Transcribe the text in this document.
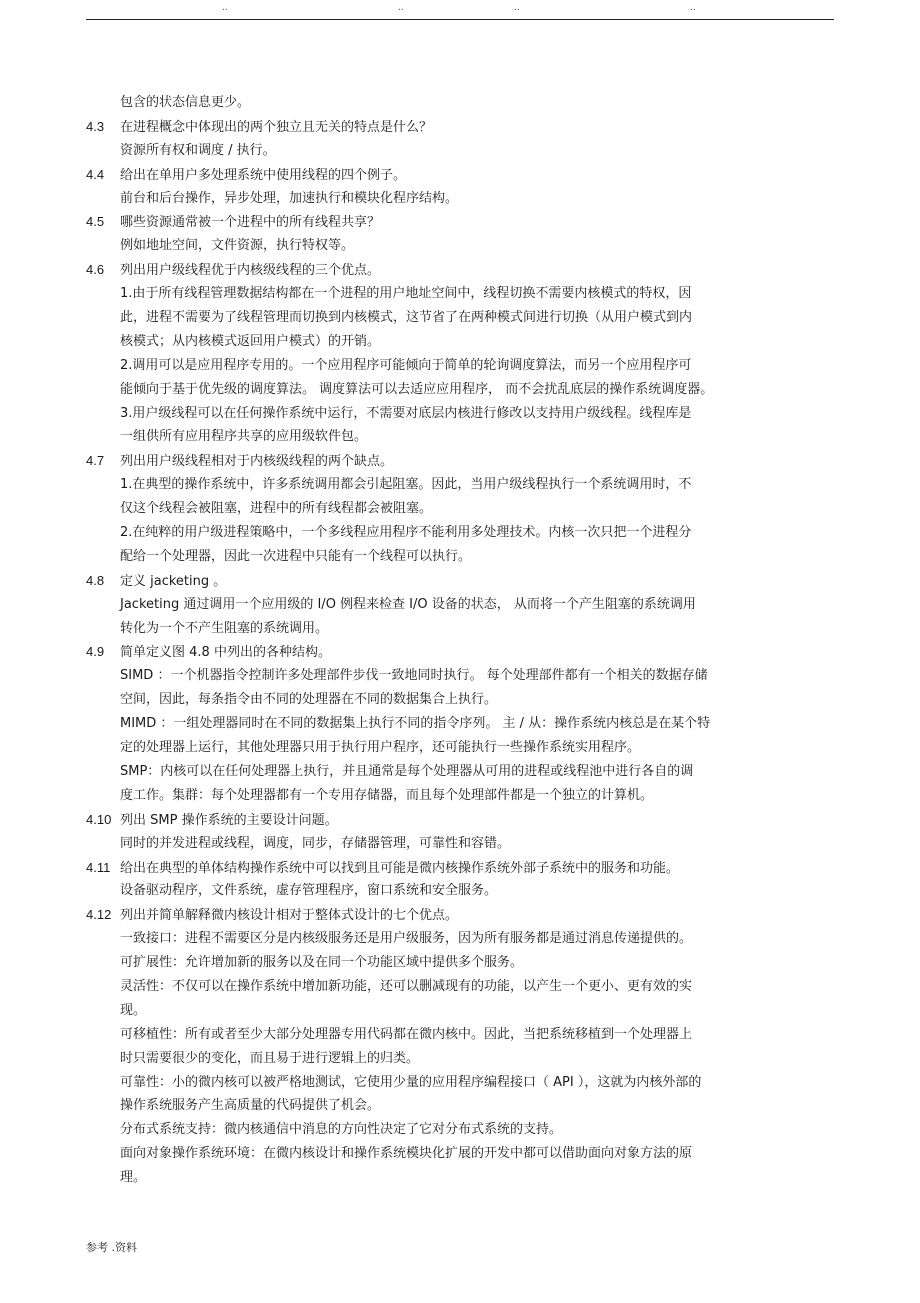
..	..	..	..
包含的状态信息更少。
4.3 在进程概念中体现出的两个独立且无关的特点是什么？
资源所有权和调度 / 执行。
4.4 给出在单用户多处理系统中使用线程的四个例子。
前台和后台操作，异步处理，加速执行和模块化程序结构。
4.5 哪些资源通常被一个进程中的所有线程共享？
例如地址空间，文件资源，执行特权等。
4.6 列出用户级线程优于内核级线程的三个优点。
1.由于所有线程管理数据结构都在一个进程的用户地址空间中，线程切换不需要内核模式的特权，因
此，进程不需要为了线程管理而切换到内核模式，这节省了在两种模式间进行切换（从用户模式到内
核模式；从内核模式返回用户模式）的开销。
2.调用可以是应用程序专用的。一个应用程序可能倾向于简单的轮询调度算法，而另一个应用程序可
能倾向于基于优先级的调度算法。 调度算法可以去适应应用程序， 而不会扰乱底层的操作系统调度器。
3.用户级线程可以在任何操作系统中运行，不需要对底层内核进行修改以支持用户级线程。线程库是
一组供所有应用程序共享的应用级软件包。
4.7 列出用户级线程相对于内核级线程的两个缺点。
1.在典型的操作系统中，许多系统调用都会引起阻塞。因此，当用户级线程执行一个系统调用时，不
仅这个线程会被阻塞，进程中的所有线程都会被阻塞。
2.在纯粹的用户级进程策略中，一个多线程应用程序不能利用多处理技术。内核一次只把一个进程分
配给一个处理器，因此一次进程中只能有一个线程可以执行。
4.8 定义 jacketing 。
Jacketing 通过调用一个应用级的 I/O 例程来检查 I/O 设备的状态， 从而将一个产生阻塞的系统调用
转化为一个不产生阻塞的系统调用。
4.9 简单定义图 4.8 中列出的各种结构。
SIMD ：一个机器指令控制许多处理部件步伐一致地同时执行。 每个处理部件都有一个相关的数据存储
空间，因此，每条指令由不同的处理器在不同的数据集合上执行。
MIMD ：一组处理器同时在不同的数据集上执行不同的指令序列。 主 / 从：操作系统内核总是在某个特
定的处理器上运行，其他处理器只用于执行用户程序，还可能执行一些操作系统实用程序。
SMP：内核可以在任何处理器上执行，并且通常是每个处理器从可用的进程或线程池中进行各自的调
度工作。集群：每个处理器都有一个专用存储器，而且每个处理部件都是一个独立的计算机。
4.10 列出 SMP 操作系统的主要设计问题。
同时的并发进程或线程，调度，同步，存储器管理，可靠性和容错。
4.11 给出在典型的单体结构操作系统中可以找到且可能是微内核操作系统外部子系统中的服务和功能。
设备驱动程序，文件系统，虚存管理程序，窗口系统和安全服务。
4.12 列出并简单解释微内核设计相对于整体式设计的七个优点。
一致接口：进程不需要区分是内核级服务还是用户级服务，因为所有服务都是通过消息传递提供的。
可扩展性：允许增加新的服务以及在同一个功能区域中提供多个服务。
灵活性：不仅可以在操作系统中增加新功能，还可以删减现有的功能，以产生一个更小、更有效的实
现。
可移植性：所有或者至少大部分处理器专用代码都在微内核中。因此，当把系统移植到一个处理器上
时只需要很少的变化，而且易于进行逻辑上的归类。
可靠性：小的微内核可以被严格地测试，它使用少量的应用程序编程接口（ API ），这就为内核外部的
操作系统服务产生高质量的代码提供了机会。
分布式系统支持：微内核通信中消息的方向性决定了它对分布式系统的支持。
面向对象操作系统环境：在微内核设计和操作系统模块化扩展的开发中都可以借助面向对象方法的原
理。
参考 .资料
